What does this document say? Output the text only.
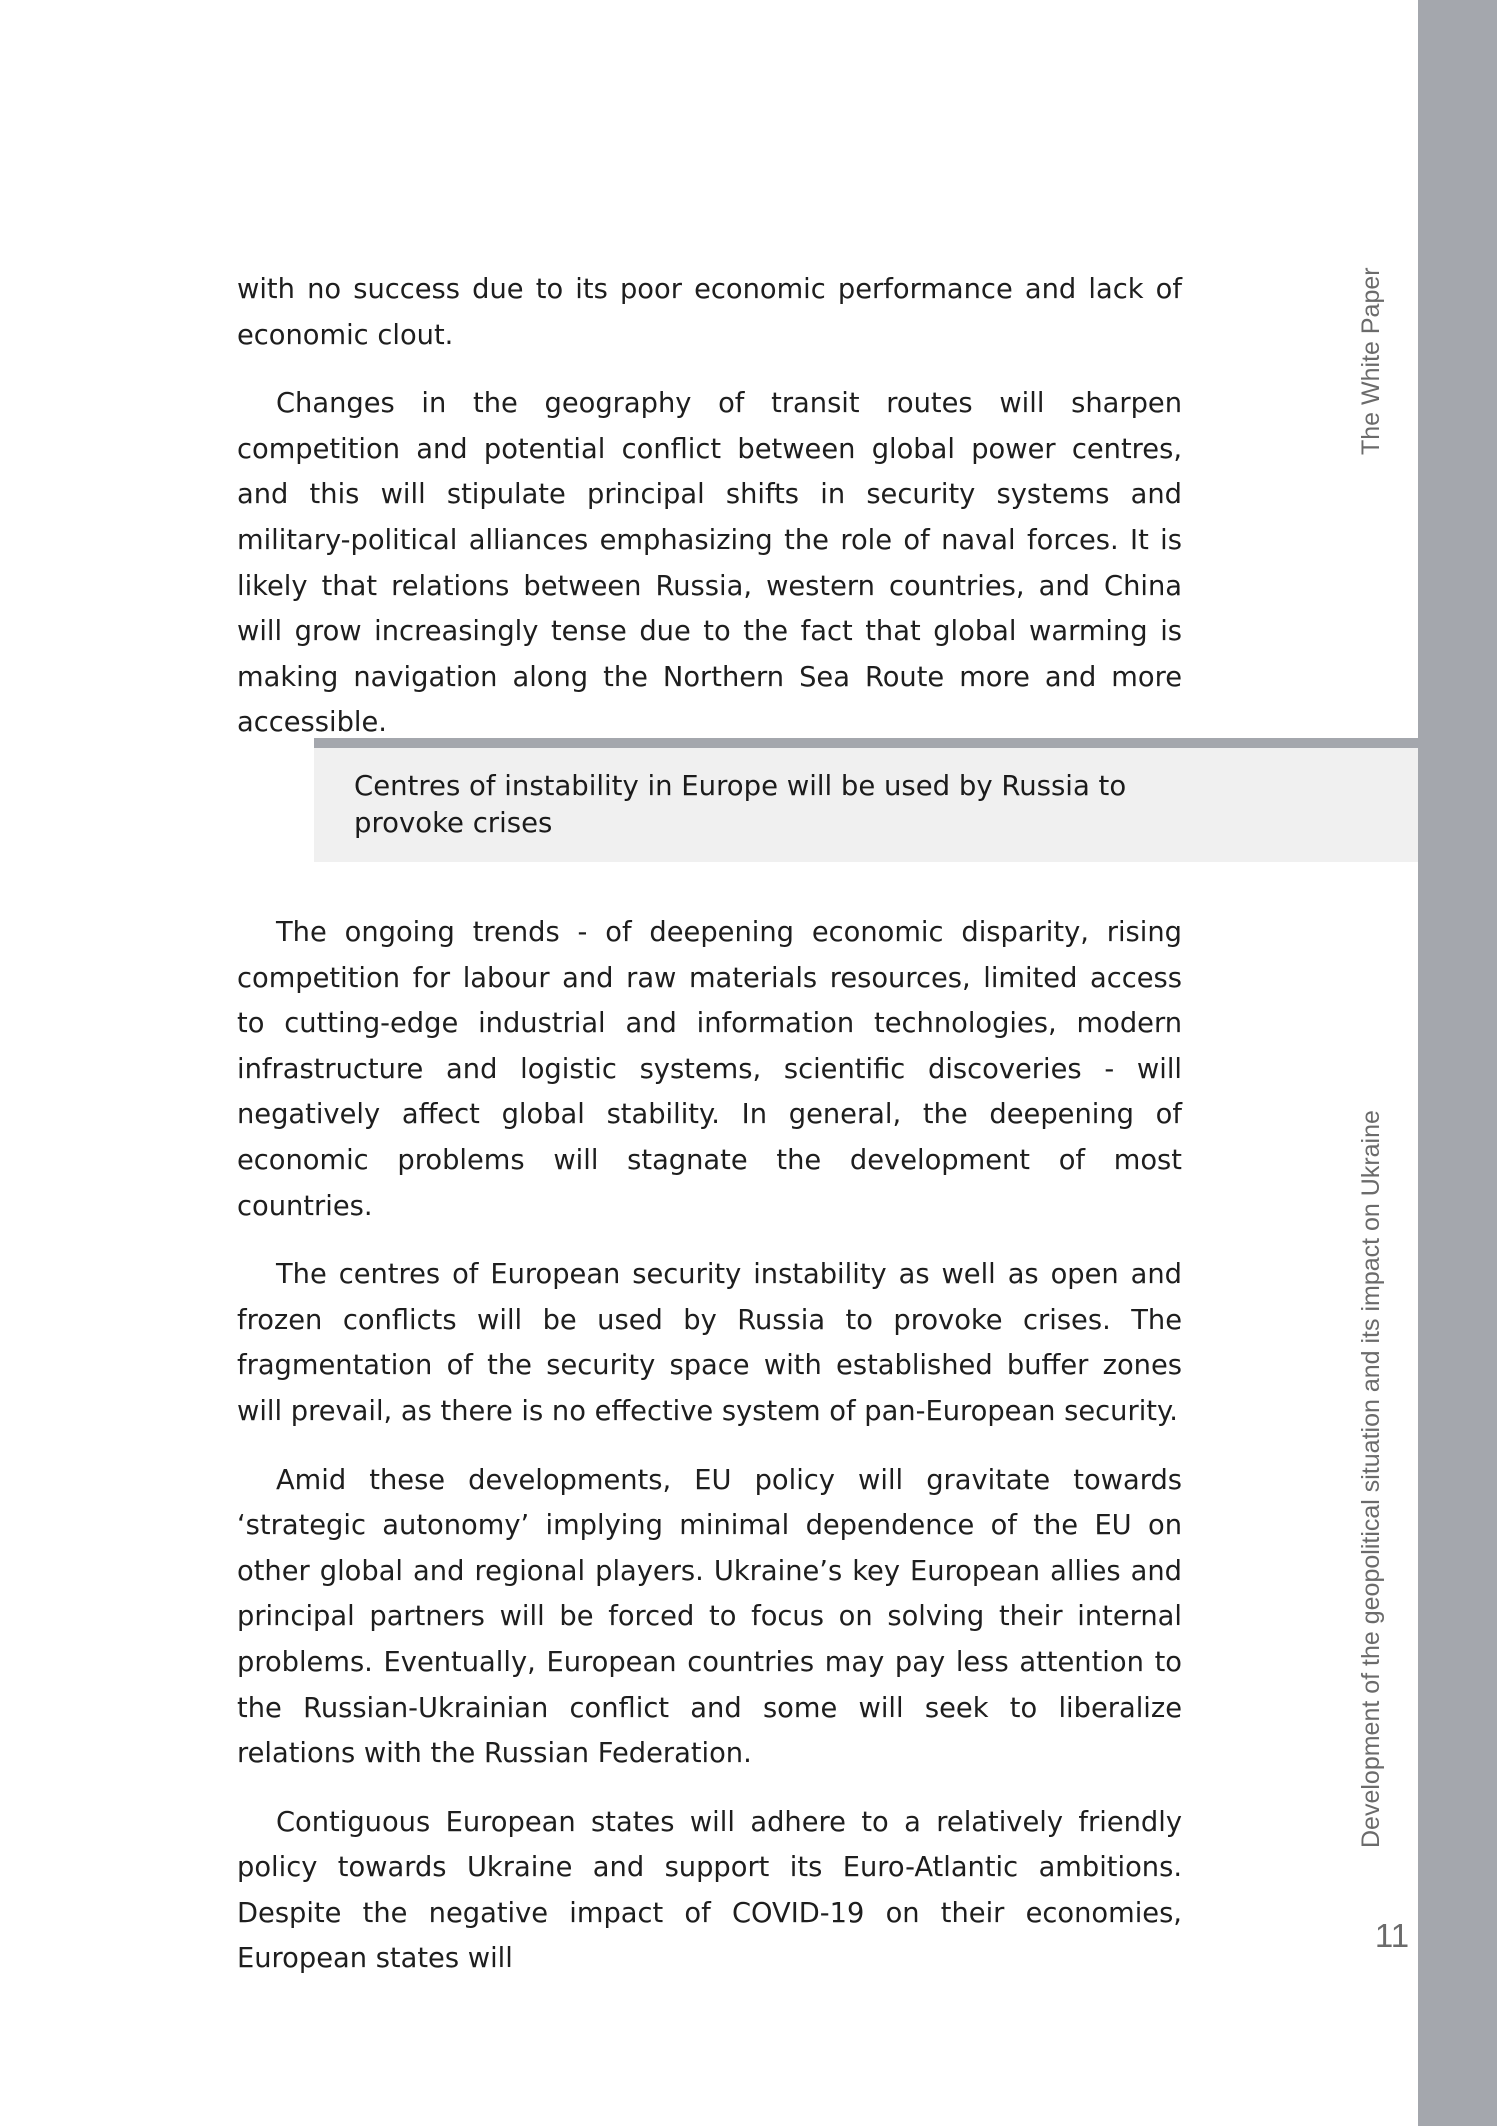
The White Paper
Development of the geopolitical situation and its impact on Ukraine
11

with no success due to its poor economic performance and lack of economic clout.

Changes in the geography of transit routes will sharpen competition and potential conflict between global power centres, and this will stipulate principal shifts in security systems and military-political alliances emphasizing the role of naval forces. It is likely that relations between Russia, western countries, and China will grow increasingly tense due to the fact that global warming is making navigation along the Northern Sea Route more and more accessible.

Centres of instability in Europe will be used by Russia to provoke crises

The ongoing trends - of deepening economic disparity, rising competition for labour and raw materials resources, limited access to cutting-edge industrial and information technologies, modern infrastructure and logistic systems, scientific discoveries - will negatively affect global stability. In general, the deepening of economic problems will stagnate the development of most countries.

The centres of European security instability as well as open and frozen conflicts will be used by Russia to provoke crises. The fragmentation of the security space with established buffer zones will prevail, as there is no effective system of pan-European security.

Amid these developments, EU policy will gravitate towards ‘strategic autonomy’ implying minimal dependence of the EU on other global and regional players. Ukraine’s key European allies and principal partners will be forced to focus on solving their internal problems. Eventually, European countries may pay less attention to the Russian-Ukrainian conflict and some will seek to liberalize relations with the Russian Federation.

Contiguous European states will adhere to a relatively friendly policy towards Ukraine and support its Euro-Atlantic ambitions. Despite the negative impact of COVID-19 on their economies, European states will
